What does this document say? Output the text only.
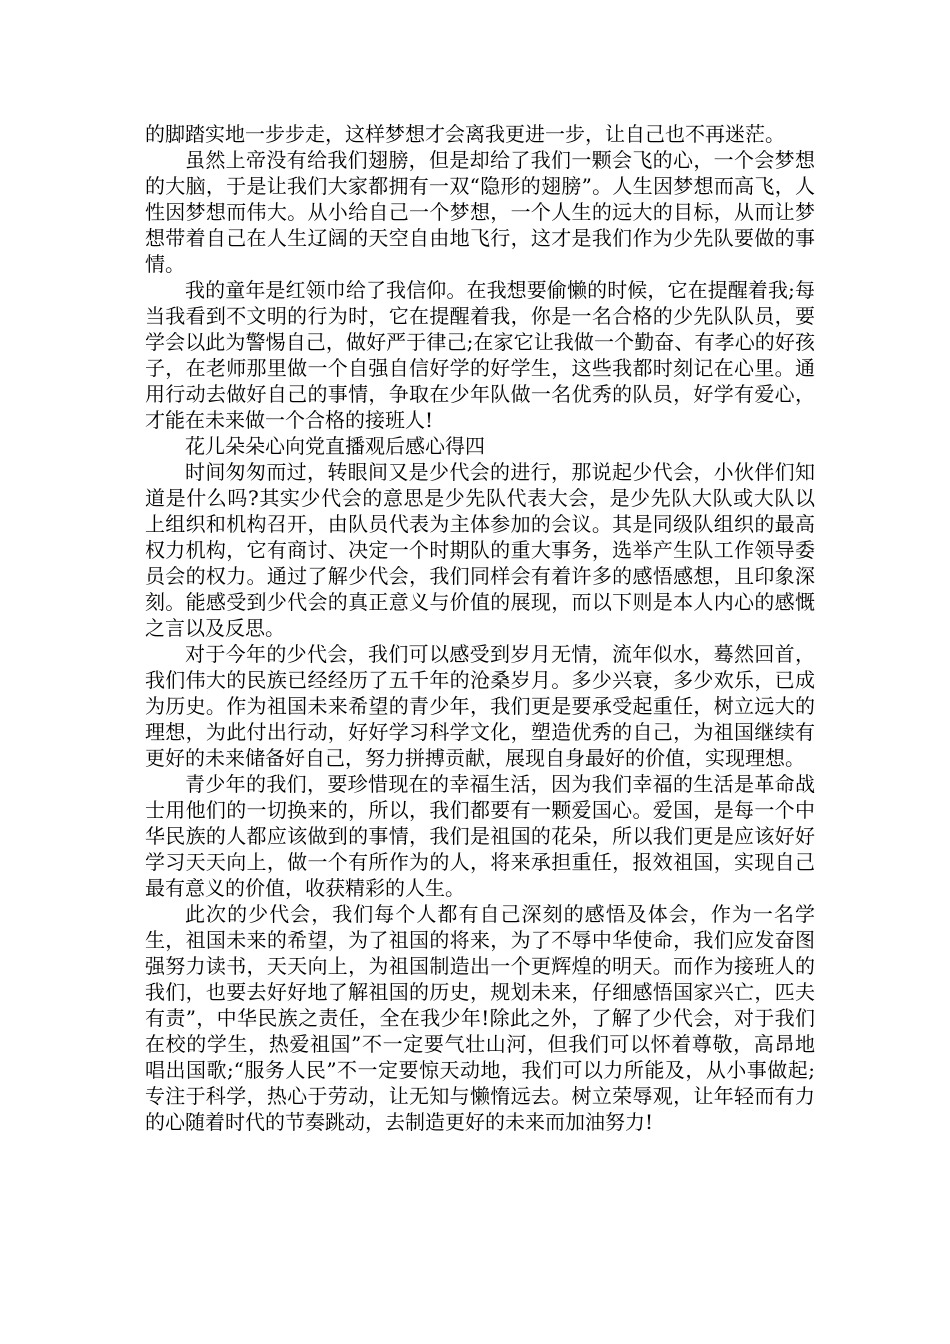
的脚踏实地一步步走，这样梦想才会离我更进一步，让自己也不再迷茫。

虽然上帝没有给我们翅膀，但是却给了我们一颗会飞的心，一个会梦想的大脑，于是让我们大家都拥有一双“隐形的翅膀”。人生因梦想而高飞，人性因梦想而伟大。从小给自己一个梦想，一个人生的远大的目标，从而让梦想带着自己在人生辽阔的天空自由地飞行，这才是我们作为少先队要做的事情。

我的童年是红领巾给了我信仰。在我想要偷懒的时候，它在提醒着我;每当我看到不文明的行为时，它在提醒着我，你是一名合格的少先队队员，要学会以此为警惕自己，做好严于律己;在家它让我做一个勤奋、有孝心的好孩子，在老师那里做一个自强自信好学的好学生，这些我都时刻记在心里。通用行动去做好自己的事情，争取在少年队做一名优秀的队员，好学有爱心，才能在未来做一个合格的接班人!

花儿朵朵心向党直播观后感心得四

时间匆匆而过，转眼间又是少代会的进行，那说起少代会，小伙伴们知道是什么吗?其实少代会的意思是少先队代表大会，是少先队大队或大队以上组织和机构召开，由队员代表为主体参加的会议。其是同级队组织的最高权力机构，它有商讨、决定一个时期队的重大事务，选举产生队工作领导委员会的权力。通过了解少代会，我们同样会有着许多的感悟感想，且印象深刻。能感受到少代会的真正意义与价值的展现，而以下则是本人内心的感慨之言以及反思。

对于今年的少代会，我们可以感受到岁月无情，流年似水，蓦然回首，我们伟大的民族已经经历了五千年的沧桑岁月。多少兴衰，多少欢乐，已成为历史。作为祖国未来希望的青少年，我们更是要承受起重任，树立远大的理想，为此付出行动，好好学习科学文化，塑造优秀的自己，为祖国继续有更好的未来储备好自己，努力拼搏贡献，展现自身最好的价值，实现理想。

青少年的我们，要珍惜现在的幸福生活，因为我们幸福的生活是革命战士用他们的一切换来的，所以，我们都要有一颗爱国心。爱国，是每一个中华民族的人都应该做到的事情，我们是祖国的花朵，所以我们更是应该好好学习天天向上，做一个有所作为的人，将来承担重任，报效祖国，实现自己最有意义的价值，收获精彩的人生。

此次的少代会，我们每个人都有自己深刻的感悟及体会，作为一名学生，祖国未来的希望，为了祖国的将来，为了不辱中华使命，我们应发奋图强努力读书，天天向上，为祖国制造出一个更辉煌的明天。而作为接班人的我们，也要去好好地了解祖国的历史，规划未来，仔细感悟国家兴亡，匹夫有责”，中华民族之责任，全在我少年!除此之外，了解了少代会，对于我们在校的学生，热爱祖国”不一定要气壮山河，但我们可以怀着尊敬，高昂地唱出国歌;“服务人民”不一定要惊天动地，我们可以力所能及，从小事做起;专注于科学，热心于劳动，让无知与懒惰远去。树立荣辱观，让年轻而有力的心随着时代的节奏跳动，去制造更好的未来而加油努力!
